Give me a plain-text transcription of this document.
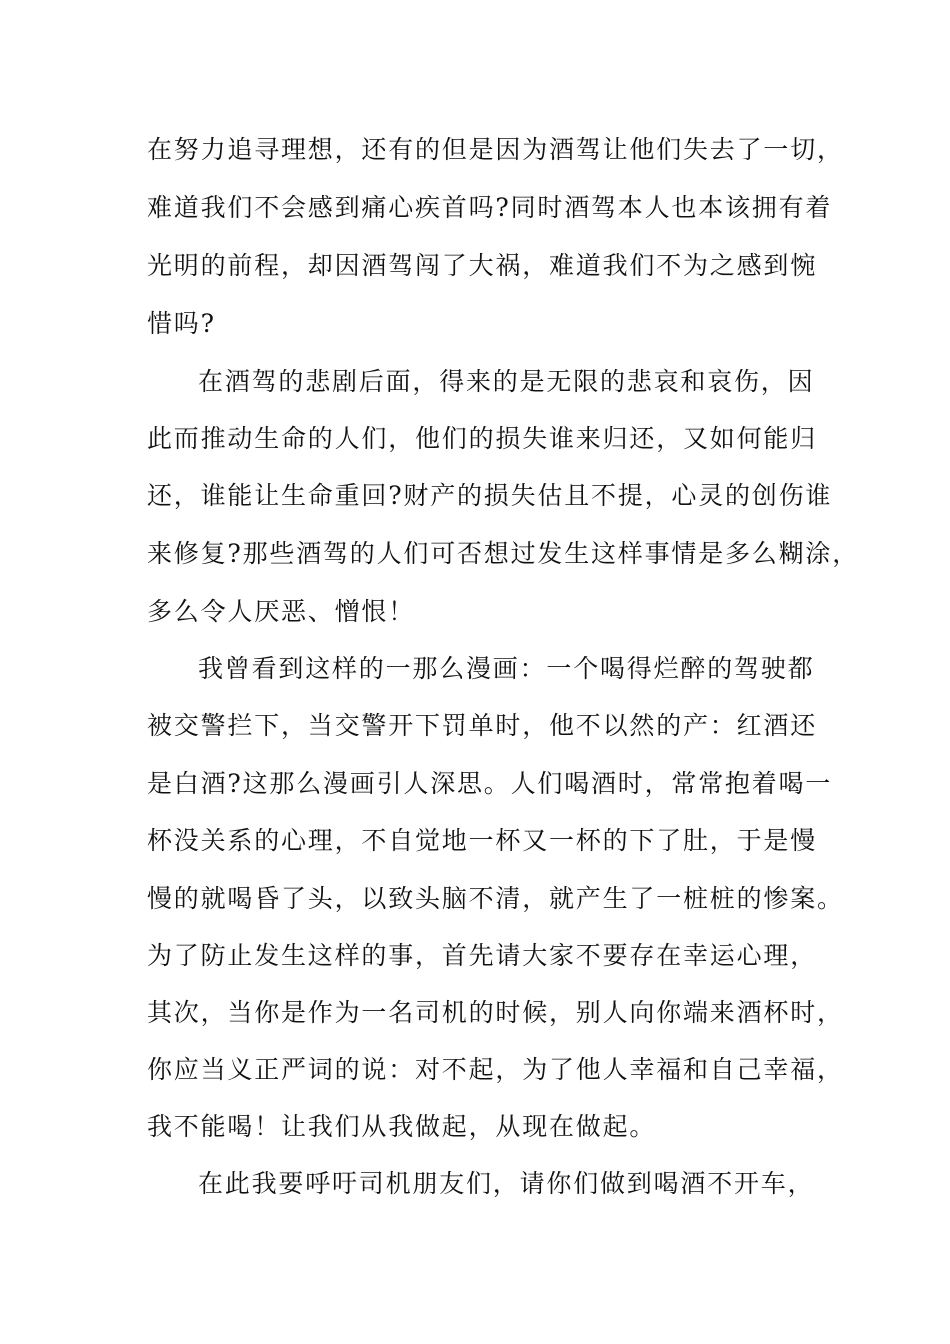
在努力追寻理想，还有的但是因为酒驾让他们失去了一切，
难道我们不会感到痛心疾首吗?同时酒驾本人也本该拥有着
光明的前程，却因酒驾闯了大祸，难道我们不为之感到惋
惜吗?
在酒驾的悲剧后面，得来的是无限的悲哀和哀伤，因
此而推动生命的人们，他们的损失谁来归还，又如何能归
还，谁能让生命重回?财产的损失估且不提，心灵的创伤谁
来修复?那些酒驾的人们可否想过发生这样事情是多么糊涂，
多么令人厌恶、憎恨！
我曾看到这样的一那么漫画：一个喝得烂醉的驾驶都
被交警拦下，当交警开下罚单时，他不以然的产：红酒还
是白酒?这那么漫画引人深思。人们喝酒时，常常抱着喝一
杯没关系的心理，不自觉地一杯又一杯的下了肚，于是慢
慢的就喝昏了头，以致头脑不清，就产生了一桩桩的惨案。
为了防止发生这样的事，首先请大家不要存在幸运心理，
其次，当你是作为一名司机的时候，别人向你端来酒杯时，
你应当义正严词的说：对不起，为了他人幸福和自己幸福，
我不能喝！让我们从我做起，从现在做起。
在此我要呼吁司机朋友们，请你们做到喝酒不开车，
